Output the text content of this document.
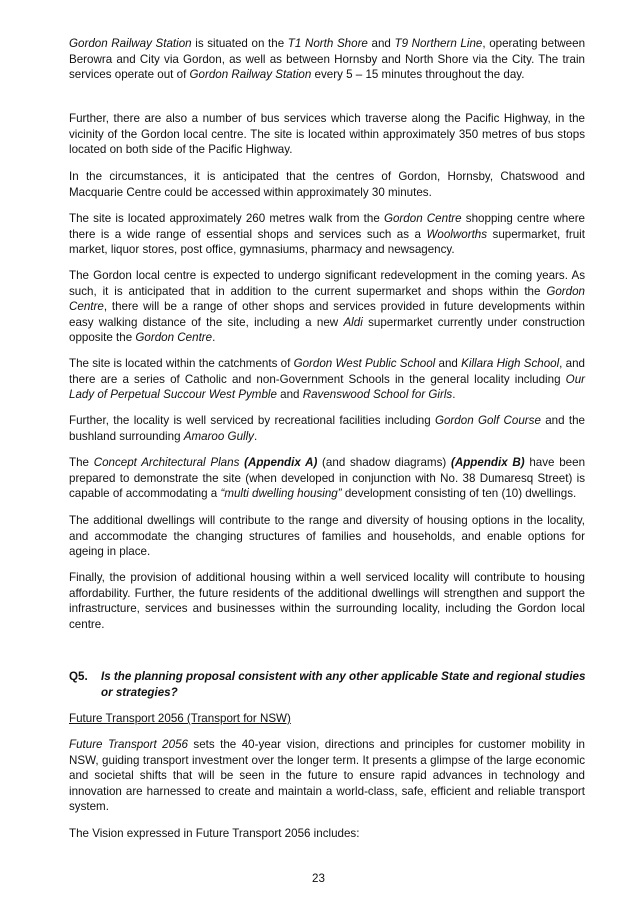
Gordon Railway Station is situated on the T1 North Shore and T9 Northern Line, operating between Berowra and City via Gordon, as well as between Hornsby and North Shore via the City. The train services operate out of Gordon Railway Station every 5 – 15 minutes throughout the day.

Further, there are also a number of bus services which traverse along the Pacific Highway, in the vicinity of the Gordon local centre. The site is located within approximately 350 metres of bus stops located on both side of the Pacific Highway.

In the circumstances, it is anticipated that the centres of Gordon, Hornsby, Chatswood and Macquarie Centre could be accessed within approximately 30 minutes.

The site is located approximately 260 metres walk from the Gordon Centre shopping centre where there is a wide range of essential shops and services such as a Woolworths supermarket, fruit market, liquor stores, post office, gymnasiums, pharmacy and newsagency.

The Gordon local centre is expected to undergo significant redevelopment in the coming years. As such, it is anticipated that in addition to the current supermarket and shops within the Gordon Centre, there will be a range of other shops and services provided in future developments within easy walking distance of the site, including a new Aldi supermarket currently under construction opposite the Gordon Centre.

The site is located within the catchments of Gordon West Public School and Killara High School, and there are a series of Catholic and non-Government Schools in the general locality including Our Lady of Perpetual Succour West Pymble and Ravenswood School for Girls.

Further, the locality is well serviced by recreational facilities including Gordon Golf Course and the bushland surrounding Amaroo Gully.

The Concept Architectural Plans (Appendix A) (and shadow diagrams) (Appendix B) have been prepared to demonstrate the site (when developed in conjunction with No. 38 Dumaresq Street) is capable of accommodating a “multi dwelling housing” development consisting of ten (10) dwellings.

The additional dwellings will contribute to the range and diversity of housing options in the locality, and accommodate the changing structures of families and households, and enable options for ageing in place.

Finally, the provision of additional housing within a well serviced locality will contribute to housing affordability. Further, the future residents of the additional dwellings will strengthen and support the infrastructure, services and businesses within the surrounding locality, including the Gordon local centre.

Q5. Is the planning proposal consistent with any other applicable State and regional studies or strategies?
Future Transport 2056 (Transport for NSW)

Future Transport 2056 sets the 40-year vision, directions and principles for customer mobility in NSW, guiding transport investment over the longer term. It presents a glimpse of the large economic and societal shifts that will be seen in the future to ensure rapid advances in technology and innovation are harnessed to create and maintain a world-class, safe, efficient and reliable transport system.

The Vision expressed in Future Transport 2056 includes:

23
